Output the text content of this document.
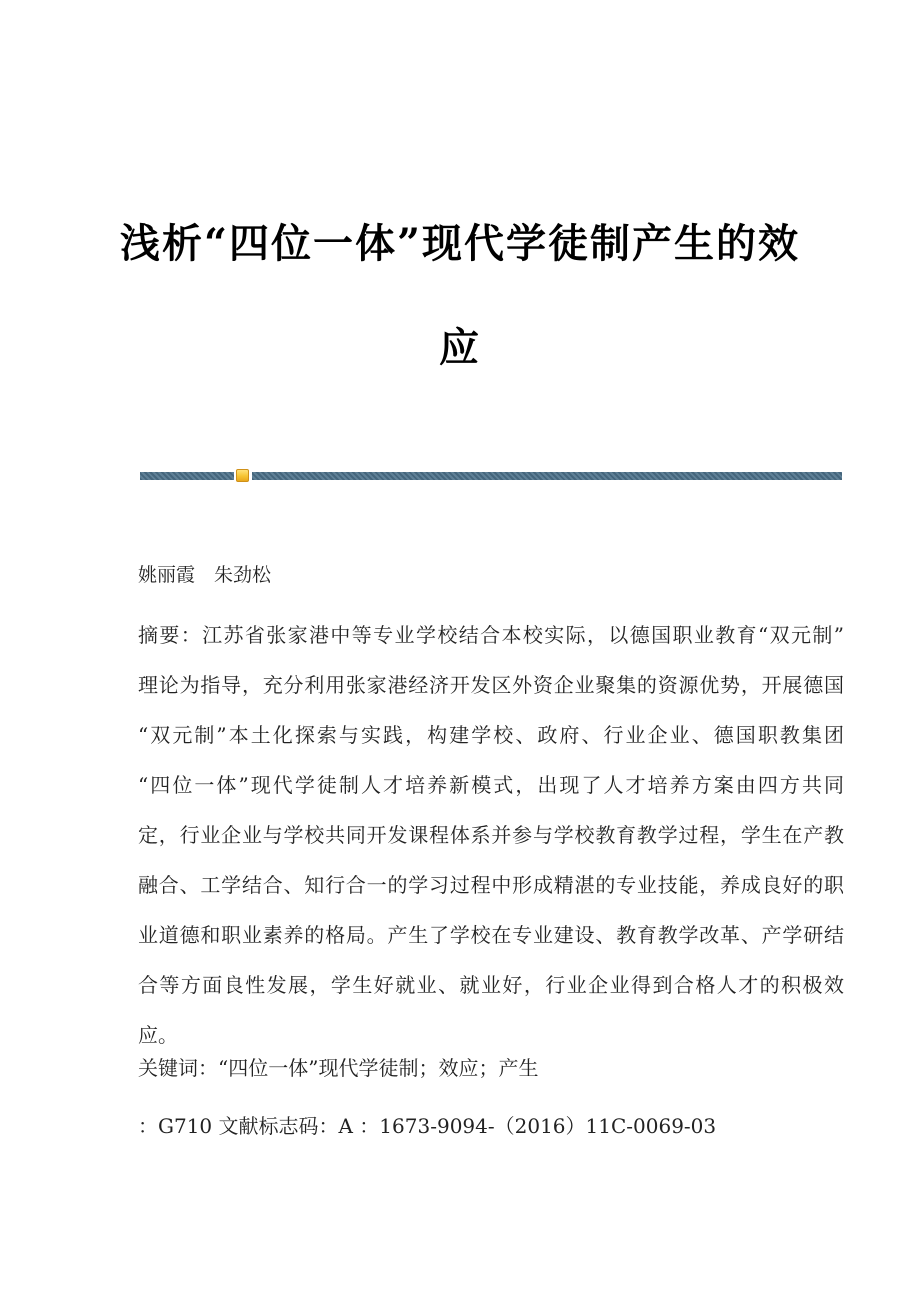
浅析“四位一体”现代学徒制产生的效
应
姚丽霞　朱劲松
摘要：江苏省张家港中等专业学校结合本校实际，以德国职业教育“双元制”
理论为指导，充分利用张家港经济开发区外资企业聚集的资源优势，开展德国
“双元制”本土化探索与实践，构建学校、政府、行业企业、德国职教集团
“四位一体”现代学徒制人才培养新模式，出现了人才培养方案由四方共同
定，行业企业与学校共同开发课程体系并参与学校教育教学过程，学生在产教
融合、工学结合、知行合一的学习过程中形成精湛的专业技能，养成良好的职
业道德和职业素养的格局。产生了学校在专业建设、教育教学改革、产学研结
合等方面良性发展，学生好就业、就业好，行业企业得到合格人才的积极效
应。
关键词：“四位一体”现代学徒制；效应；产生
：G710 文献标志码：A ：1673-9094-（2016）11C-0069-03
